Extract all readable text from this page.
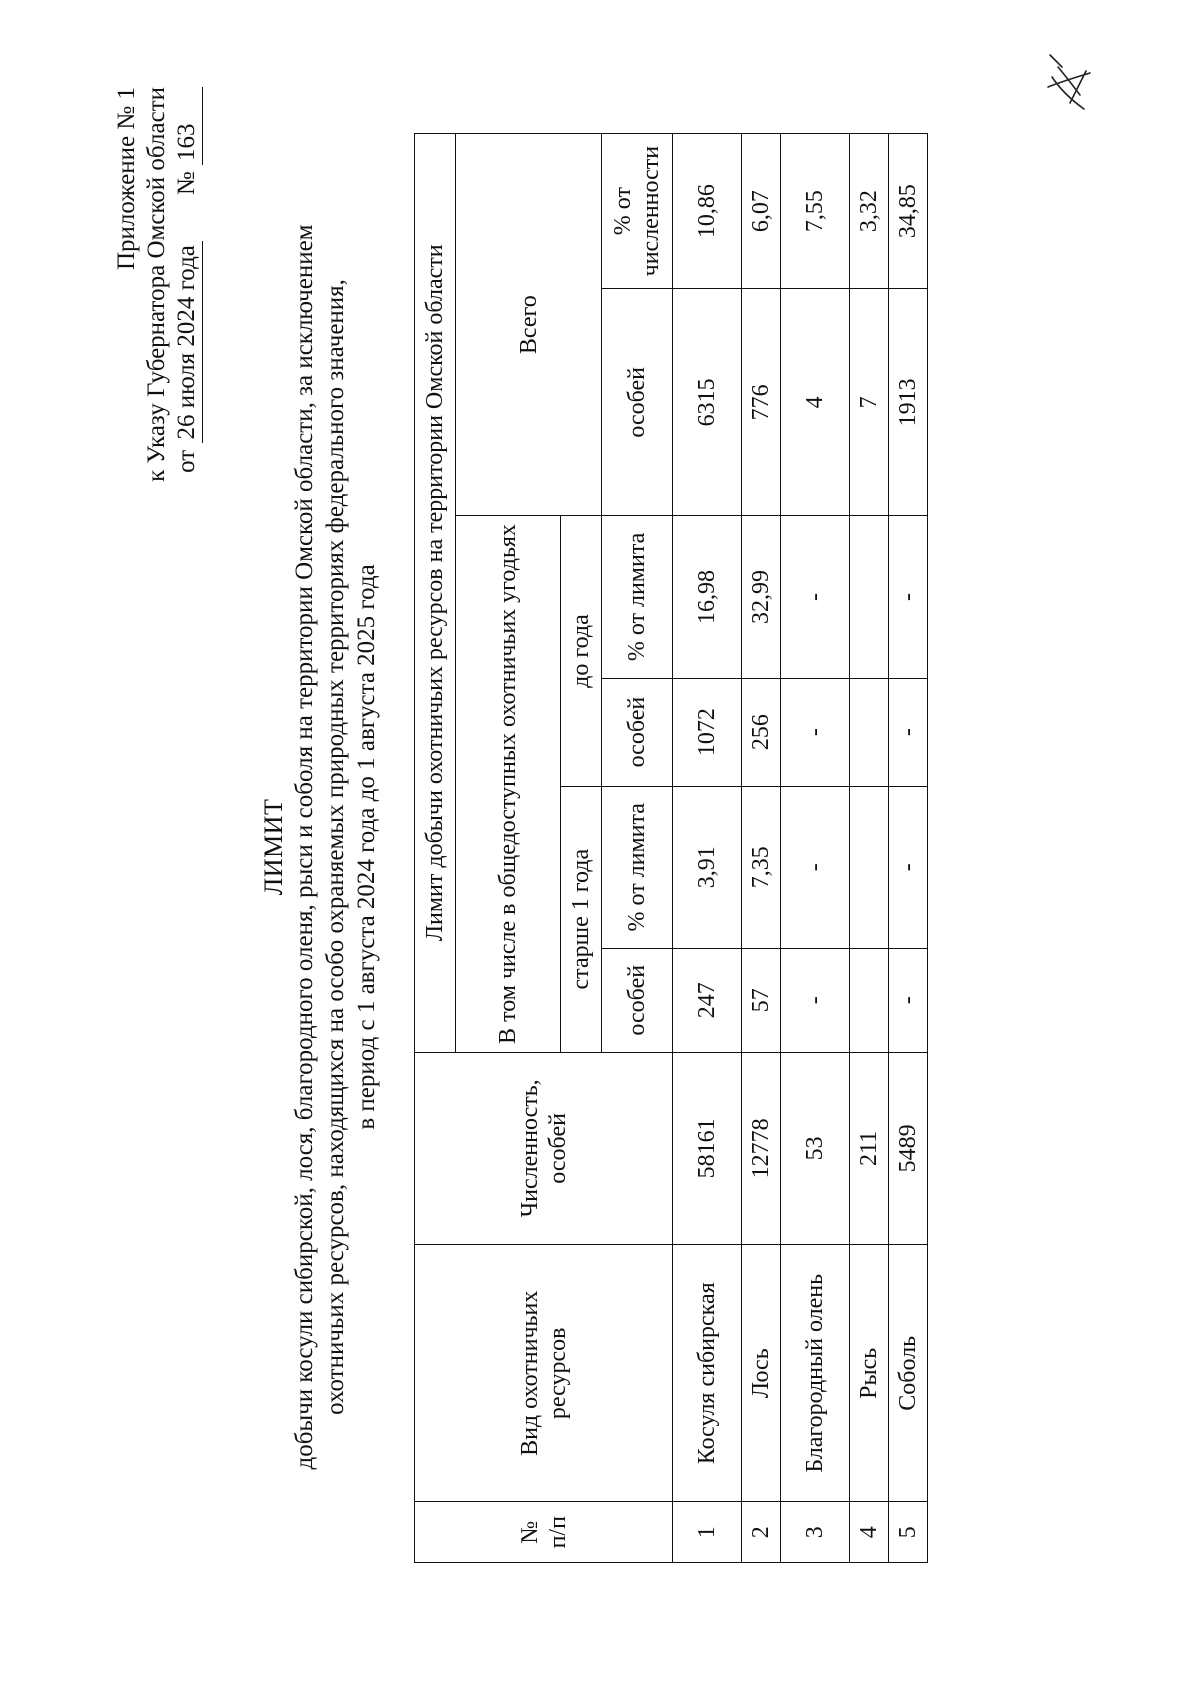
Приложение № 1 к Указу Губернатора Омской области от

26 июля 2024 года
№

163
ЛИМИТ добычи косули сибирской, лося, благородного оленя, рыси и соболя на территории Омской области, за исключением охотничьих ресурсов, находящихся на особо охраняемых природных территориях федерального значения, в период с 1 августа 2024 года до 1 августа 2025 года
№ п/п	Вид охотничьих ресурсов	Численность, особей	Лимит добычи охотничьих ресурсов на территории Омской области					
			В том числе в общедоступных охотничьих угодьях				Всего	
			старше 1 года		до года			
			особей	% от лимита	особей	% от лимита	особей	% от численности
1	Косуля сибирская	58161	247	3,91	1072	16,98	6315	10,86
2	Лось	12778	57	7,35	256	32,99	776	6,07
3	Благородный олень	53	-	-	-	-	4	7,55
4	Рысь	211					7	3,32
5	Соболь	5489	-	-	-	-	1913	34,85
